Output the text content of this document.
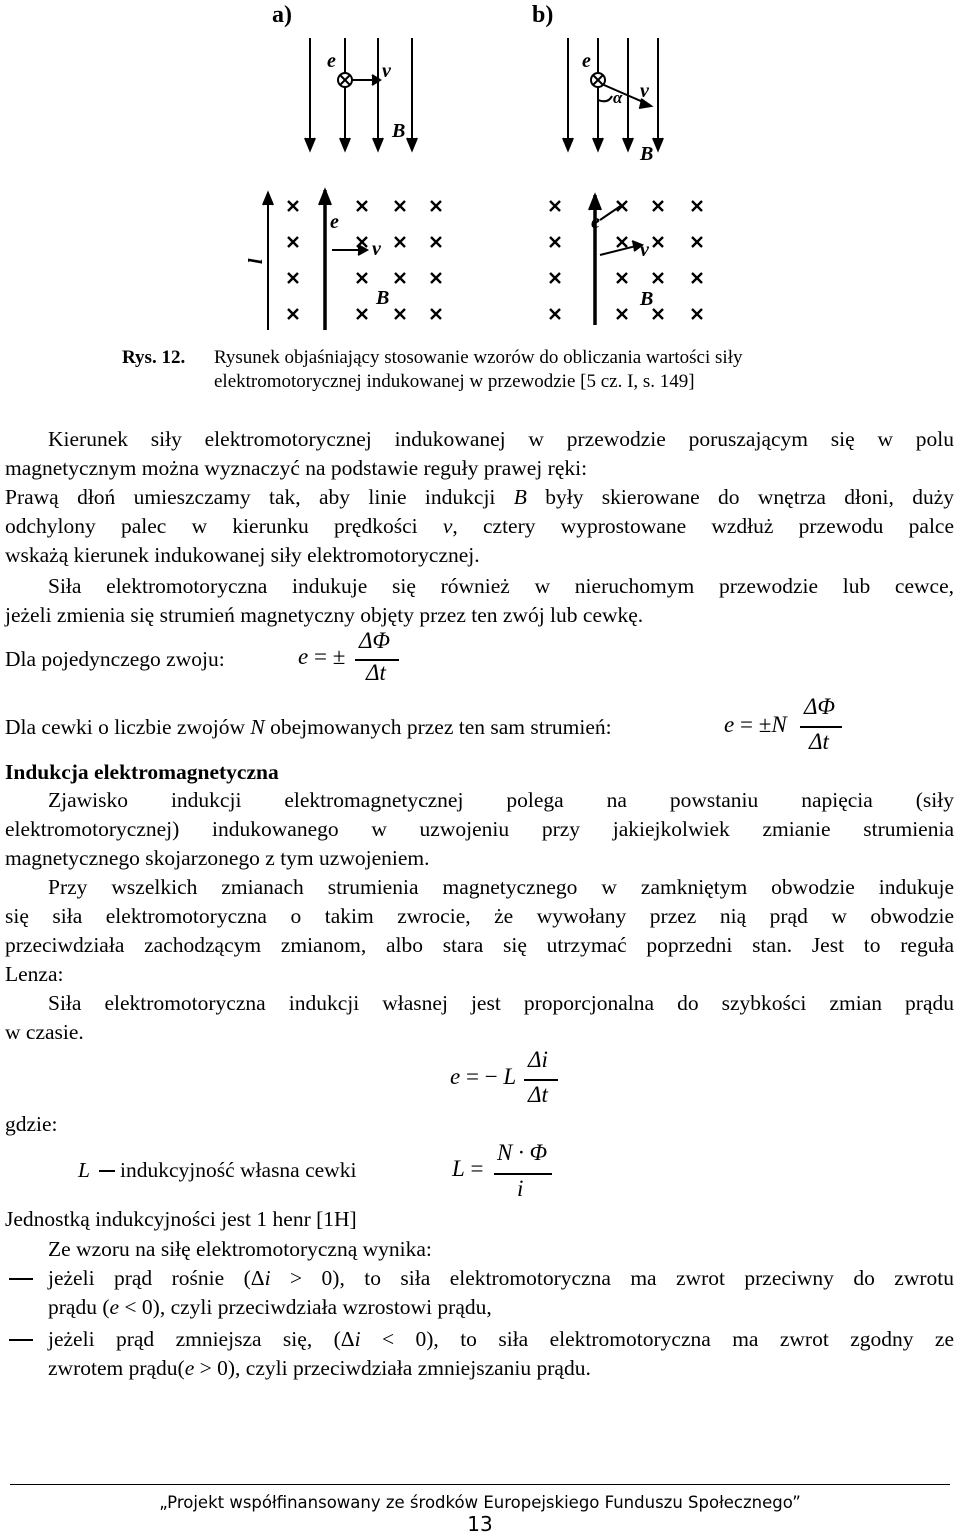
a)	b)
e v
B
e
v
α
B
l
e
v
B
e
v
B
Rys. 12. Rysunek objaśniający stosowanie wzorów do obliczania wartości siły
elektromotorycznej indukowanej w przewodzie [5 cz. I, s. 149]
Kierunek siły elektromotorycznej indukowanej w przewodzie poruszającym się w polu
magnetycznym można wyznaczyć na podstawie reguły prawej ręki:
Prawą dłoń umieszczamy tak, aby linie indukcji B były skierowane do wnętrza dłoni, duży
odchylony palec w kierunku prędkości v, cztery wyprostowane wzdłuż przewodu palce
wskażą kierunek indukowanej siły elektromotorycznej.
Siła elektromotoryczna indukuje się również w nieruchomym przewodzie lub cewce,
jeżeli zmienia się strumień magnetyczny objęty przez ten zwój lub cewkę.
Dla pojedynczego zwoju:	e = ±
ΔΦ
Δt
Dla cewki o liczbie zwojów N obejmowanych przez ten sam strumień:	e = ±N
ΔΦ
Δt
Indukcja elektromagnetyczna
Zjawisko indukcji elektromagnetycznej polega na powstaniu napięcia (siły
elektromotorycznej) indukowanego w uzwojeniu przy jakiejkolwiek zmianie strumienia
magnetycznego skojarzonego z tym uzwojeniem.
Przy wszelkich zmianach strumienia magnetycznego w zamkniętym obwodzie indukuje
się siła elektromotoryczna o takim zwrocie, że wywołany przez nią prąd w obwodzie
przeciwdziała zachodzącym zmianom, albo stara się utrzymać poprzedni stan. Jest to reguła
Lenza:
Siła elektromotoryczna indukcji własnej jest proporcjonalna do szybkości zmian prądu
w czasie.
e = − L
Δi
Δt
gdzie:
L indukcyjność własna cewki	L =
N · Φ
i
Jednostką indukcyjności jest 1 henr [1H]
Ze wzoru na siłę elektromotoryczną wynika:
jeżeli prąd rośnie (Δi > 0), to siła elektromotoryczna ma zwrot przeciwny do zwrotu
prądu (e < 0), czyli przeciwdziała wzrostowi prądu,
jeżeli prąd zmniejsza się, (Δi < 0), to siła elektromotoryczna ma zwrot zgodny ze
zwrotem prądu(e > 0), czyli przeciwdziała zmniejszaniu prądu.
„Projekt współfinansowany ze środków Europejskiego Funduszu Społecznego”
13
